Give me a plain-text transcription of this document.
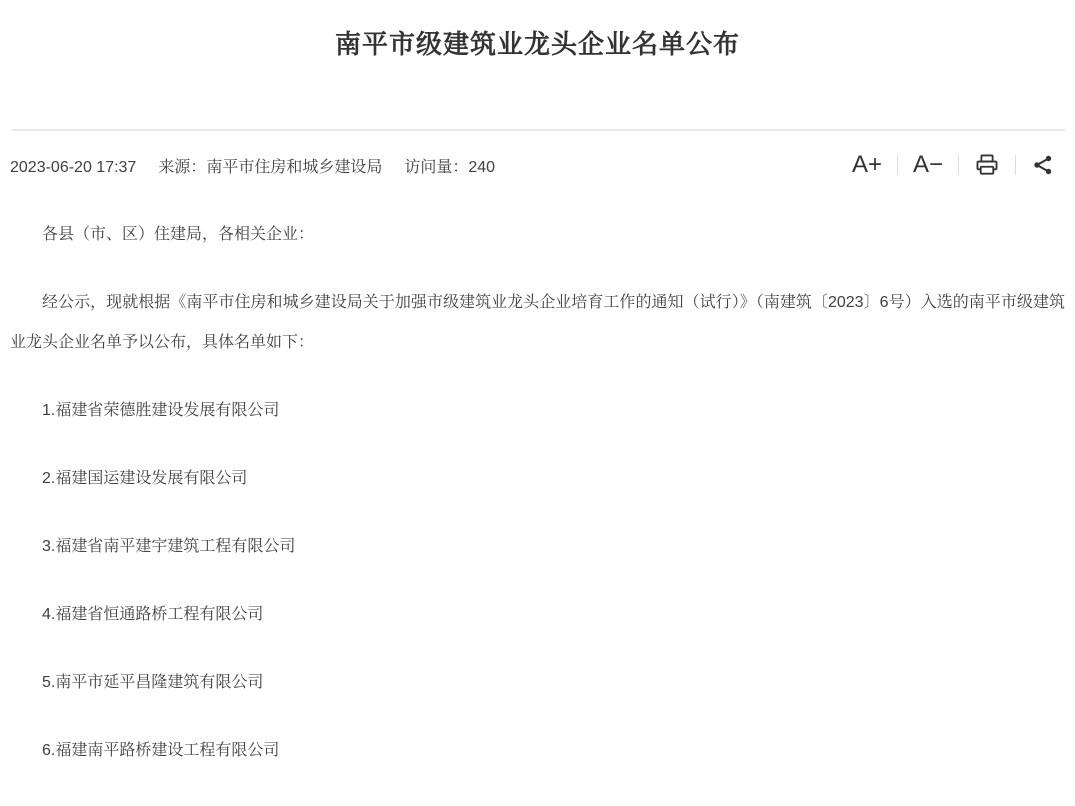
南平市级建筑业龙头企业名单公布
2023-06-20 17:37 来源：南平市住房和城乡建设局 访问量：240	A+ A−

各县（市、区）住建局，各相关企业：

经公示，现就根据《南平市住房和城乡建设局关于加强市级建筑业龙头企业培育工作的通知（试行）》（南建筑〔2023〕6号）入选的南平市级建筑业龙头企业名单予以公布，具体名单如下：

1.福建省荣德胜建设发展有限公司

2.福建国运建设发展有限公司

3.福建省南平建宇建筑工程有限公司

4.福建省恒通路桥工程有限公司

5.南平市延平昌隆建筑有限公司

6.福建南平路桥建设工程有限公司
